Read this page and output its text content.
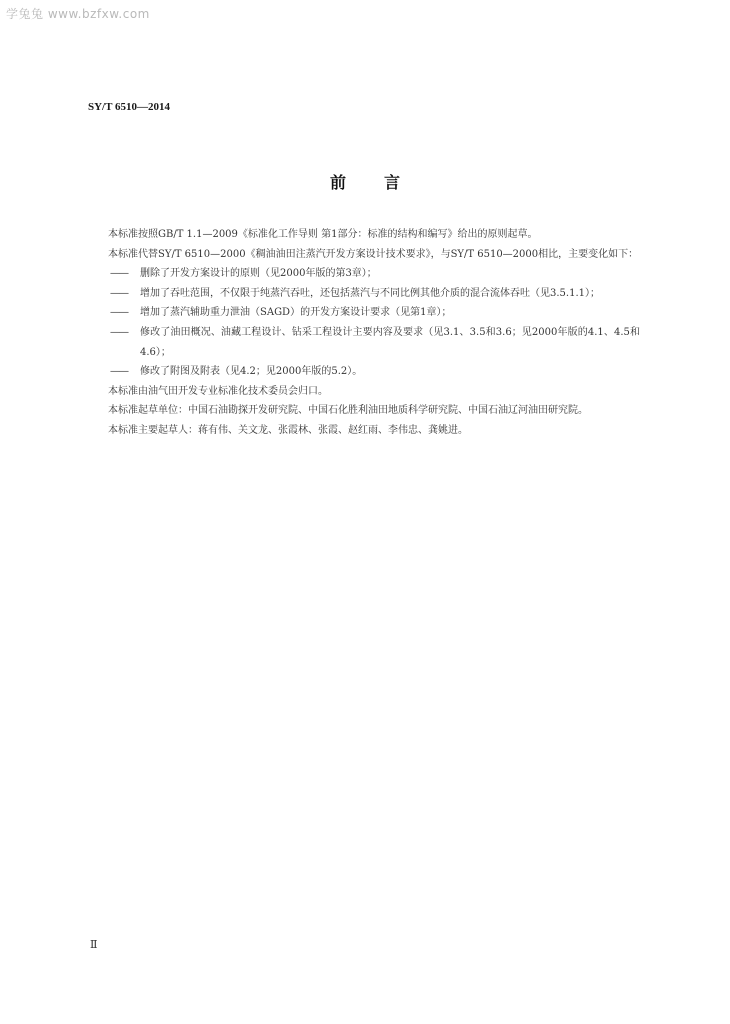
学兔兔 www.bzfxw.com
SY/T 6510—2014
前言

本标准按照GB/T 1.1—2009《标准化工作导则 第1部分：标准的结构和编写》给出的原则起草。

本标准代替SY/T 6510—2000《稠油油田注蒸汽开发方案设计技术要求》，与SY/T 6510—2000相比，主要变化如下：

——	删除了开发方案设计的原则（见2000年版的第3章）；

——	增加了吞吐范围，不仅限于纯蒸汽吞吐，还包括蒸汽与不同比例其他介质的混合流体吞吐（见3.5.1.1）；

——	增加了蒸汽辅助重力泄油（SAGD）的开发方案设计要求（见第1章）；

——	修改了油田概况、油藏工程设计、钻采工程设计主要内容及要求（见3.1、3.5和3.6；见2000年版的4.1、4.5和4.6）；

——	修改了附图及附表（见4.2；见2000年版的5.2）。

本标准由油气田开发专业标准化技术委员会归口。

本标准起草单位：中国石油勘探开发研究院、中国石化胜利油田地质科学研究院、中国石油辽河油田研究院。

本标准主要起草人：蒋有伟、关文龙、张霞林、张霞、赵红雨、李伟忠、龚姚进。

Ⅱ
